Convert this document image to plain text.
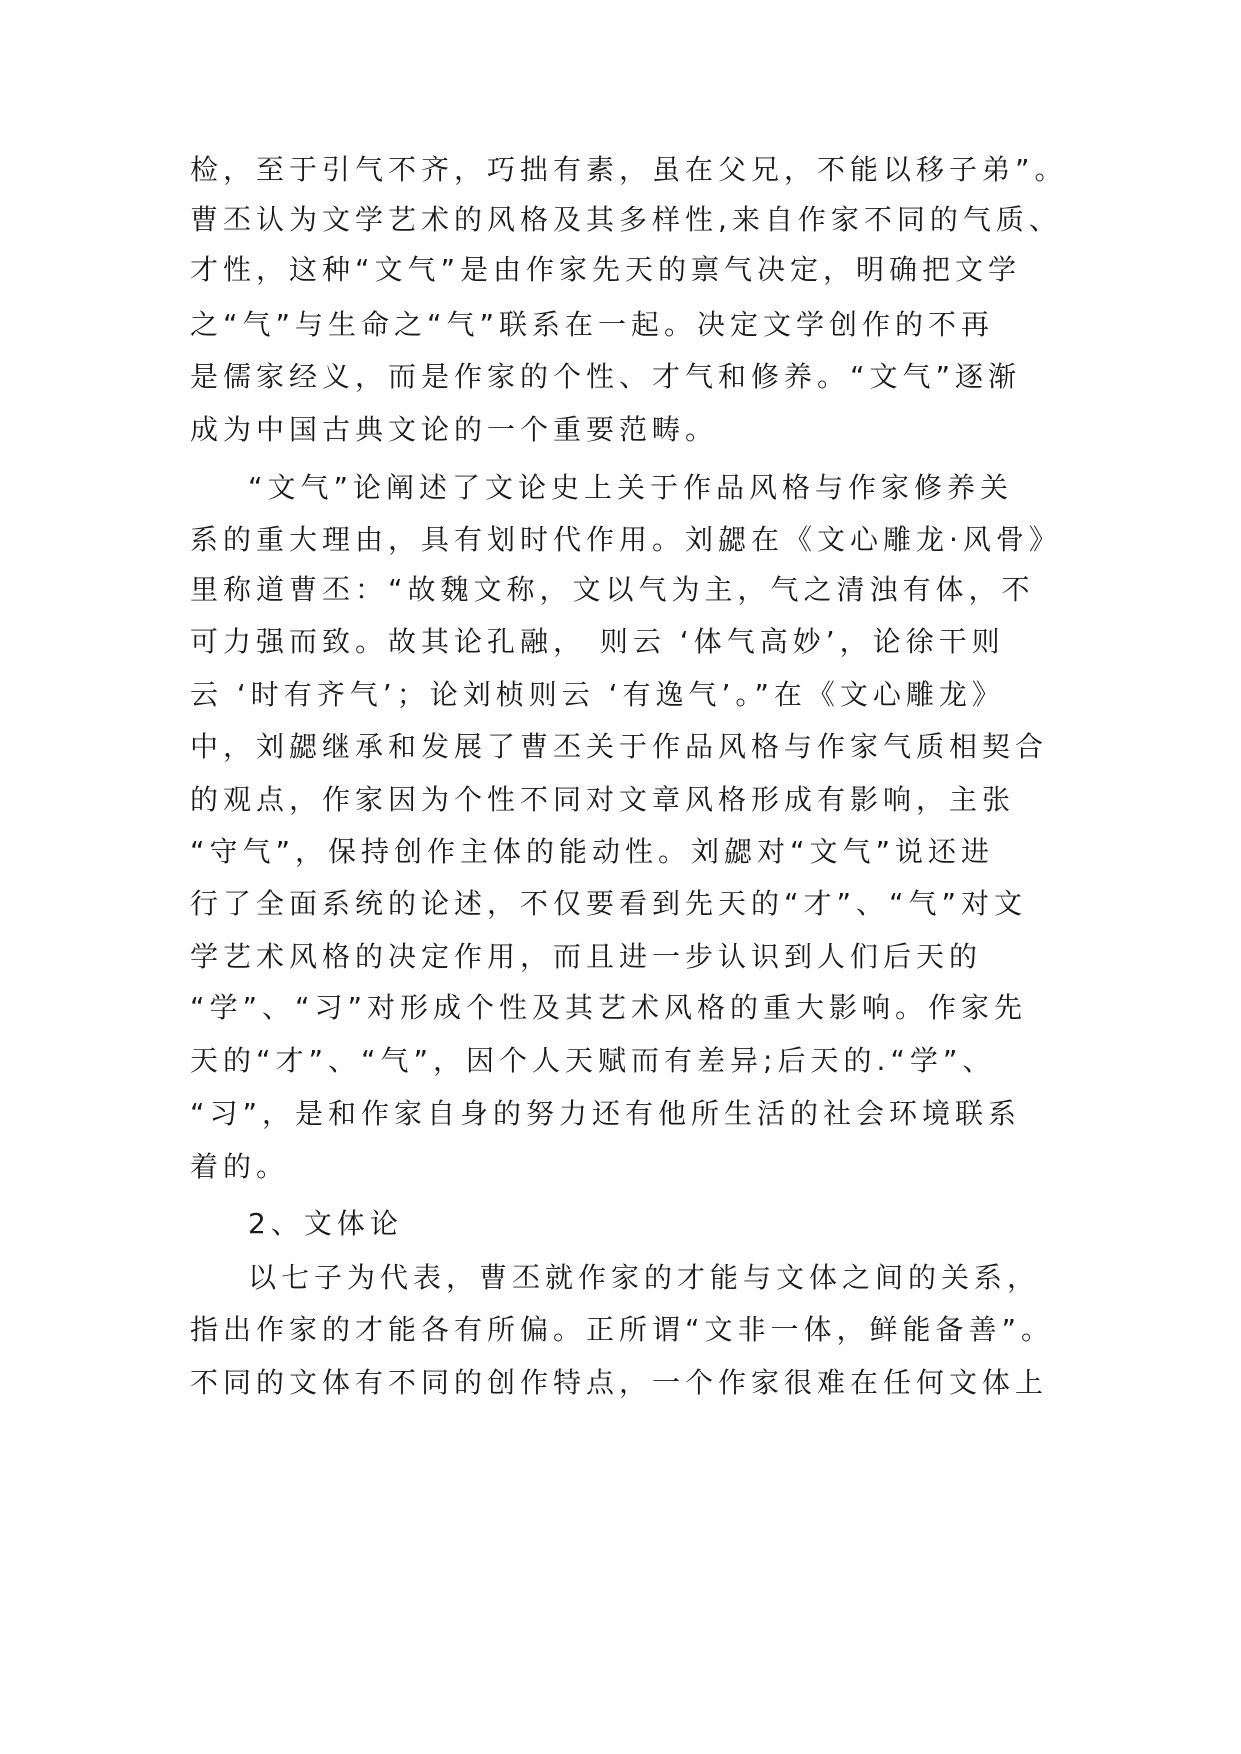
检，至于引气不齐，巧拙有素，虽在父兄，不能以移子弟”。
曹丕认为文学艺术的风格及其多样性,来自作家不同的气质、
才性，这种“文气”是由作家先天的禀气决定，明确把文学
之“气”与生命之“气”联系在一起。决定文学创作的不再
是儒家经义，而是作家的个性、才气和修养。“文气”逐渐
成为中国古典文论的一个重要范畴。
“文气”论阐述了文论史上关于作品风格与作家修养关
系的重大理由，具有划时代作用。刘勰在《文心雕龙·风骨》
里称道曹丕：“故魏文称，文以气为主，气之清浊有体，不
可力强而致。故其论孔融， 则云 ‘体气高妙’，论徐干则
云 ‘时有齐气’；论刘桢则云 ‘有逸气’。”在《文心雕龙》
中，刘勰继承和发展了曹丕关于作品风格与作家气质相契合
的观点，作家因为个性不同对文章风格形成有影响，主张
“守气”，保持创作主体的能动性。刘勰对“文气”说还进
行了全面系统的论述，不仅要看到先天的“才”、“气”对文
学艺术风格的决定作用，而且进一步认识到人们后天的
“学”、“习”对形成个性及其艺术风格的重大影响。作家先
天的“才”、“气”，因个人天赋而有差异;后天的.“学”、
“习”，是和作家自身的努力还有他所生活的社会环境联系
着的。
2、文体论
以七子为代表，曹丕就作家的才能与文体之间的关系，
指出作家的才能各有所偏。正所谓“文非一体，鲜能备善”。
不同的文体有不同的创作特点，一个作家很难在任何文体上
